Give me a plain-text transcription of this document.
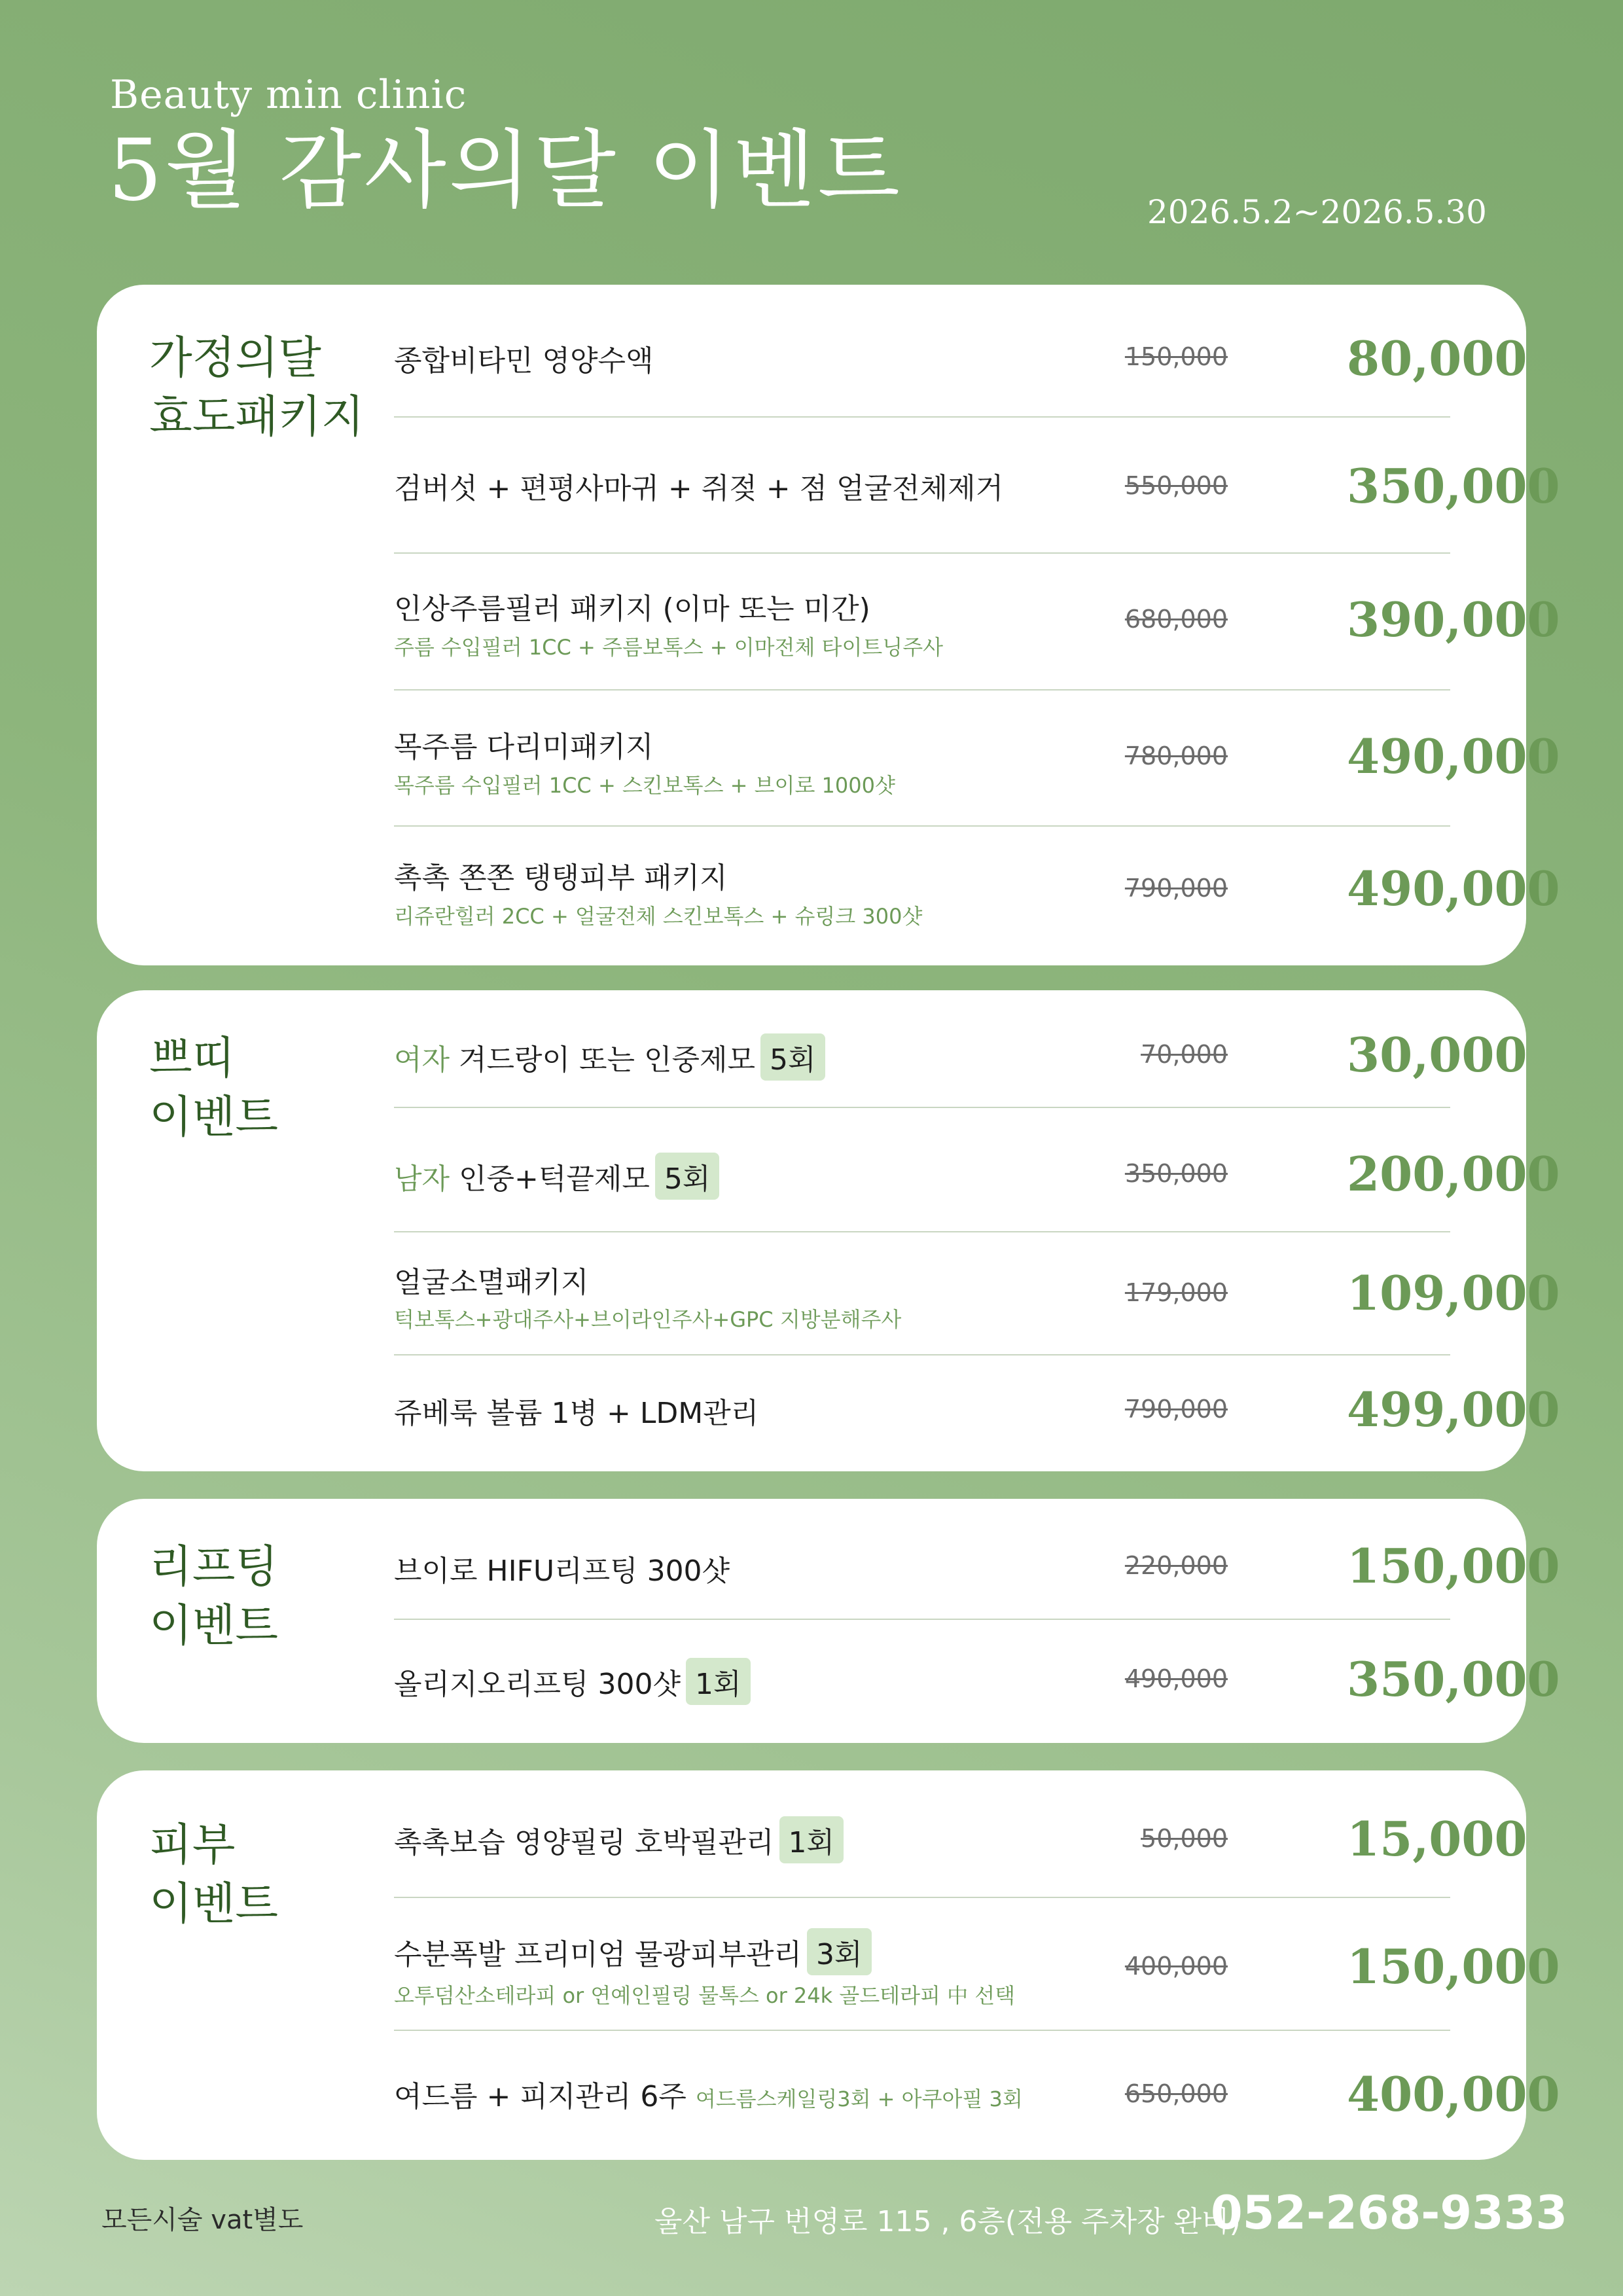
Beauty min clinic
5월 감사의달 이벤트	2026.5.2~2026.5.30
가정의달
효도패키지
종합비타민 영양수액	150,000	80,000
검버섯 + 편평사마귀 + 쥐젖 + 점 얼굴전체제거	550,000	350,000
인상주름필러 패키지 (이마 또는 미간)
주름 수입필러 1CC + 주름보톡스 + 이마전체 타이트닝주사
680,000	390,000
목주름 다리미패키지
목주름 수입필러 1CC + 스킨보톡스 + 브이로 1000샷
780,000	490,000
촉촉 쫀쫀 탱탱피부 패키지
리쥬란힐러 2CC + 얼굴전체 스킨보톡스 + 슈링크 300샷
790,000	490,000
쁘띠
이벤트
여자 겨드랑이 또는 인중제모 5회	70,000	30,000
남자 인중+턱끝제모 5회	350,000	200,000
얼굴소멸패키지
턱보톡스+광대주사+브이라인주사+GPC 지방분해주사
179,000	109,000
쥬베룩 볼륨 1병 + LDM관리	790,000	499,000
리프팅
이벤트
브이로 HIFU리프팅 300샷	220,000	150,000
올리지오리프팅 300샷 1회	490,000	350,000
피부
이벤트
촉촉보습 영양필링 호박필관리 1회	50,000	15,000
수분폭발 프리미엄 물광피부관리 3회
오투덤산소테라피 or 연예인필링 물톡스 or 24k 골드테라피 中 선택
400,000	150,000
여드름 + 피지관리 6주 여드름스케일링3회 + 아쿠아필 3회	650,000	400,000
모든시술 vat별도	울산 남구 번영로 115 , 6층(전용 주차장 완비)
052-268-9333
